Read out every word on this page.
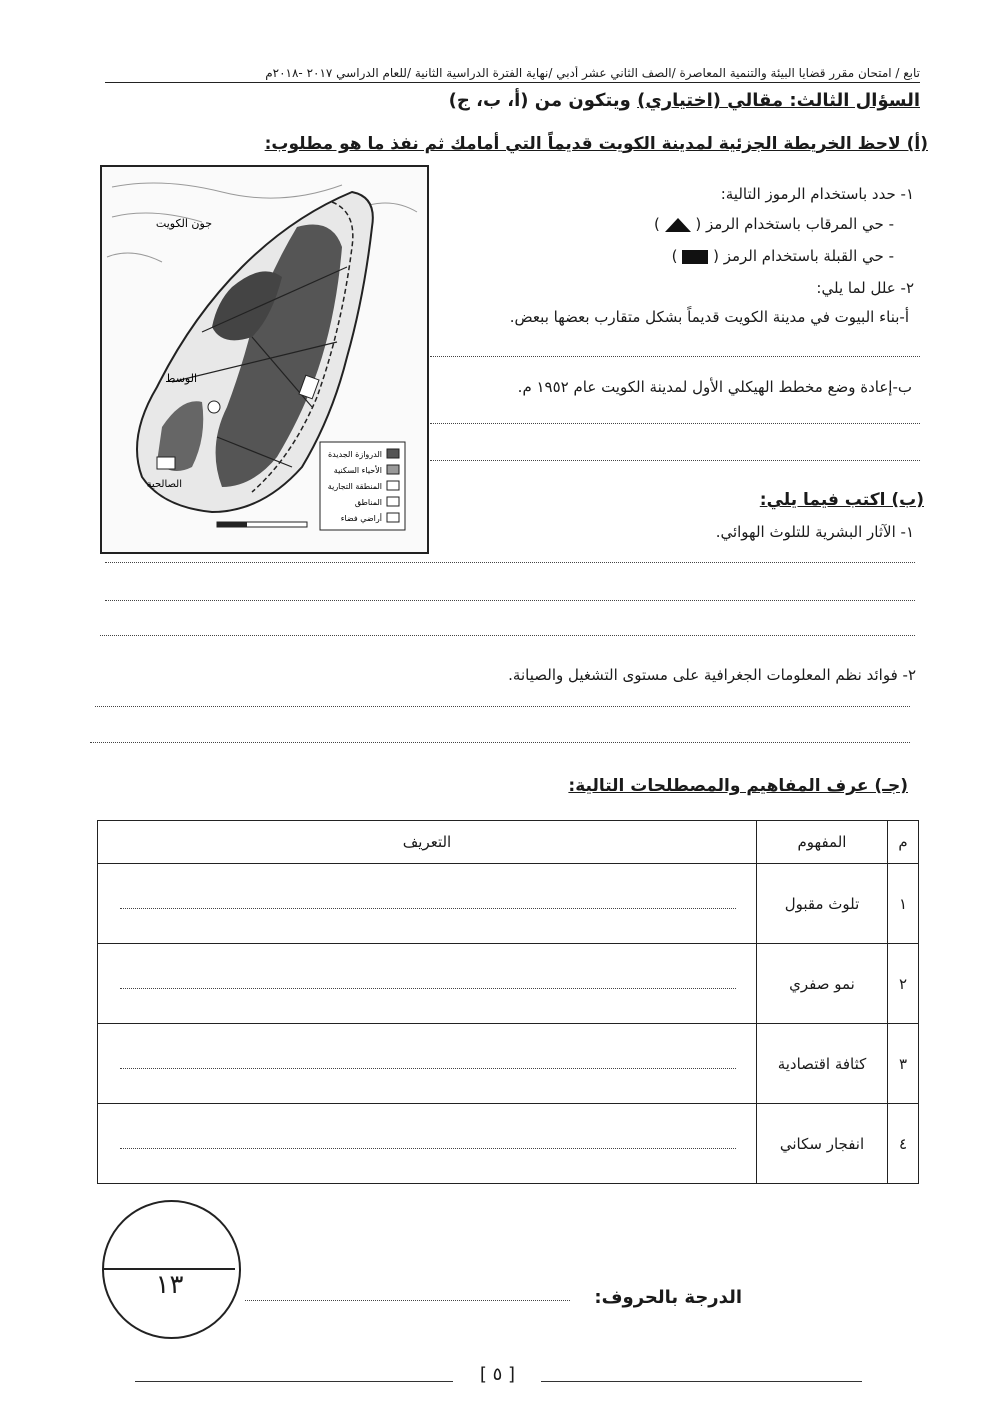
تابع / امتحان مقرر قضايا البيئة والتنمية المعاصرة /الصف الثاني عشر أدبي /نهاية الفترة الدراسية الثانية /للعام الدراسي ٢٠١٧ -٢٠١٨م
السؤال الثالث: مقالي (اختياري) ويتكون من (أ، ب، ج)
(أ) لاحظ الخريطة الجزئية لمدينة الكويت قديماً التي أمامك ثم نفذ ما هو مطلوب:
جون الكويت
الوسط
الصالحية
الدروازة الجديدة
الأحياء السكنية
المنطقة التجارية
المناطق
أراضي فضاء
١- حدد باستخدام الرموز التالية:
- حي المرقاب باستخدام الرمز (  )
- حي القبلة باستخدام الرمز (  )
٢- علل لما يلي:
أ-بناء البيوت في مدينة الكويت قديماً بشكل متقارب بعضها ببعض.
ب-إعادة وضع مخطط الهيكلي الأول لمدينة الكويت عام ١٩٥٢ م.
(ب) اكتب فيما يلي:
١- الآثار البشرية للتلوث الهوائي.
٢- فوائد نظم المعلومات الجغرافية على مستوى التشغيل والصيانة.
(جـ) عرف المفاهيم والمصطلحات التالية:
م	المفهوم	التعريف
١	تلوث مقبول	

٢	نمو صفري	

٣	كثافة اقتصادية	

٤	انفجار سكاني	
١٣	الدرجة بالحروف:
[ ٥ ]
